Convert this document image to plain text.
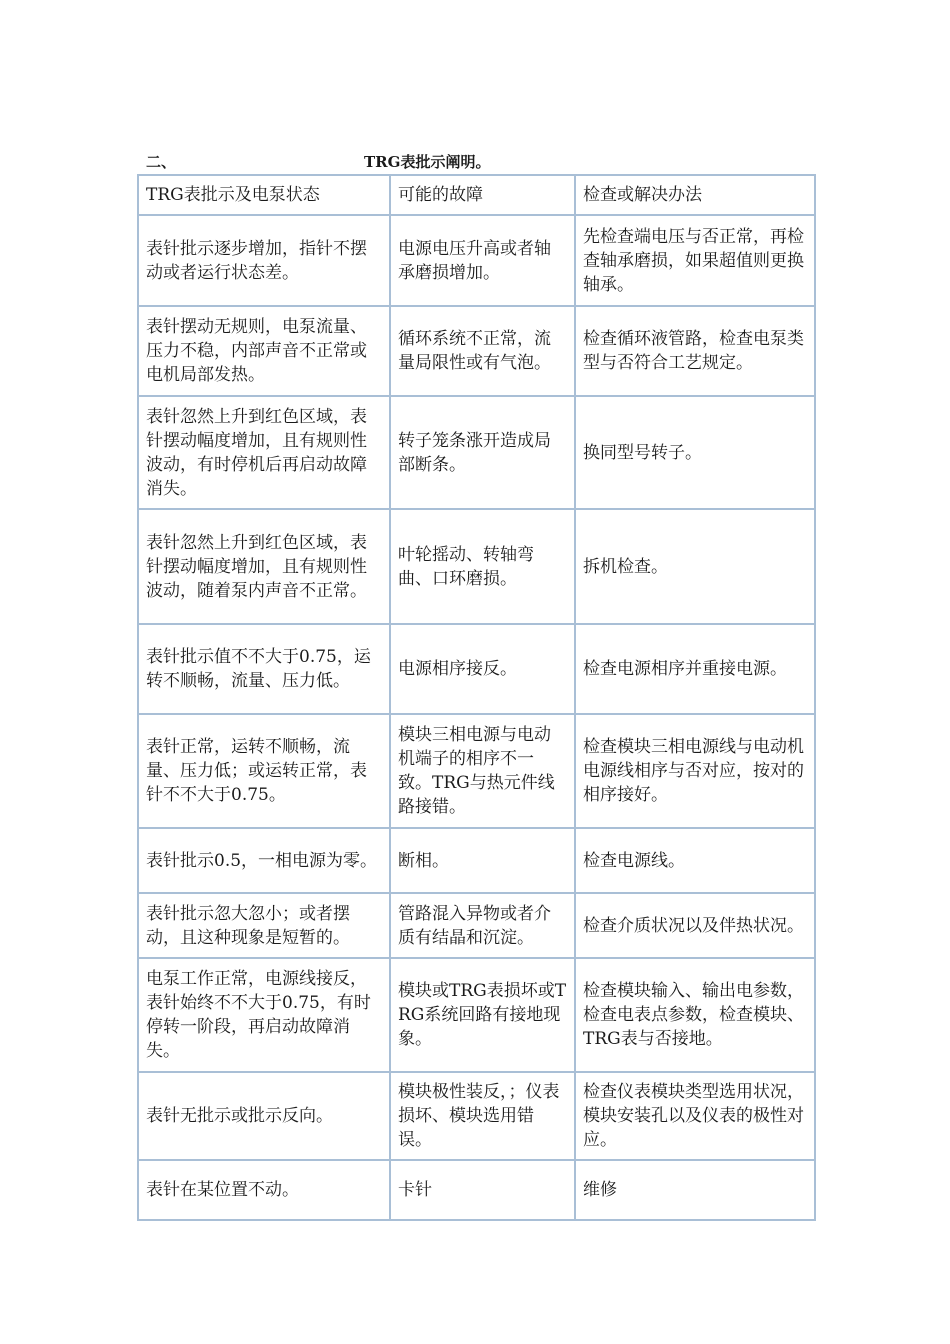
二、	TRG表批示阐明。
TRG表批示及电泵状态	可能的故障	检查或解决办法
表针批示逐步增加，指针不摆动或者运行状态差。	电源电压升高或者轴承磨损增加。	先检查端电压与否正常，再检查轴承磨损，如果超值则更换轴承。
表针摆动无规则，电泵流量、压力不稳，内部声音不正常或电机局部发热。	循环系统不正常，流量局限性或有气泡。	检查循环液管路，检查电泵类型与否符合工艺规定。
表针忽然上升到红色区域，表针摆动幅度增加，且有规则性波动，有时停机后再启动故障消失。	转子笼条涨开造成局部断条。	换同型号转子。
表针忽然上升到红色区域，表针摆动幅度增加，且有规则性波动，随着泵内声音不正常。	叶轮摇动、转轴弯曲、口环磨损。	拆机检查。
表针批示值不不大于0.75，运转不顺畅，流量、压力低。	电源相序接反。	检查电源相序并重接电源。
表针正常，运转不顺畅，流量、压力低；或运转正常，表针不不大于0.75。	模块三相电源与电动机端子的相序不一致。TRG与热元件线路接错。	检查模块三相电源线与电动机电源线相序与否对应，按对的相序接好。
表针批示0.5，一相电源为零。	断相。	检查电源线。
表针批示忽大忽小；或者摆动，且这种现象是短暂的。	管路混入异物或者介质有结晶和沉淀。	检查介质状况以及伴热状况。
电泵工作正常，电源线接反，表针始终不不大于0.75，有时停转一阶段，再启动故障消失。	模块或TRG表损坏或TRG系统回路有接地现象。	检查模块输入、输出电参数，检查电表点参数，检查模块、TRG表与否接地。
表针无批示或批示反向。	模块极性装反，；仪表损坏、模块选用错误。	检查仪表模块类型选用状况，模块安装孔以及仪表的极性对应。
表针在某位置不动。	卡针	维修
